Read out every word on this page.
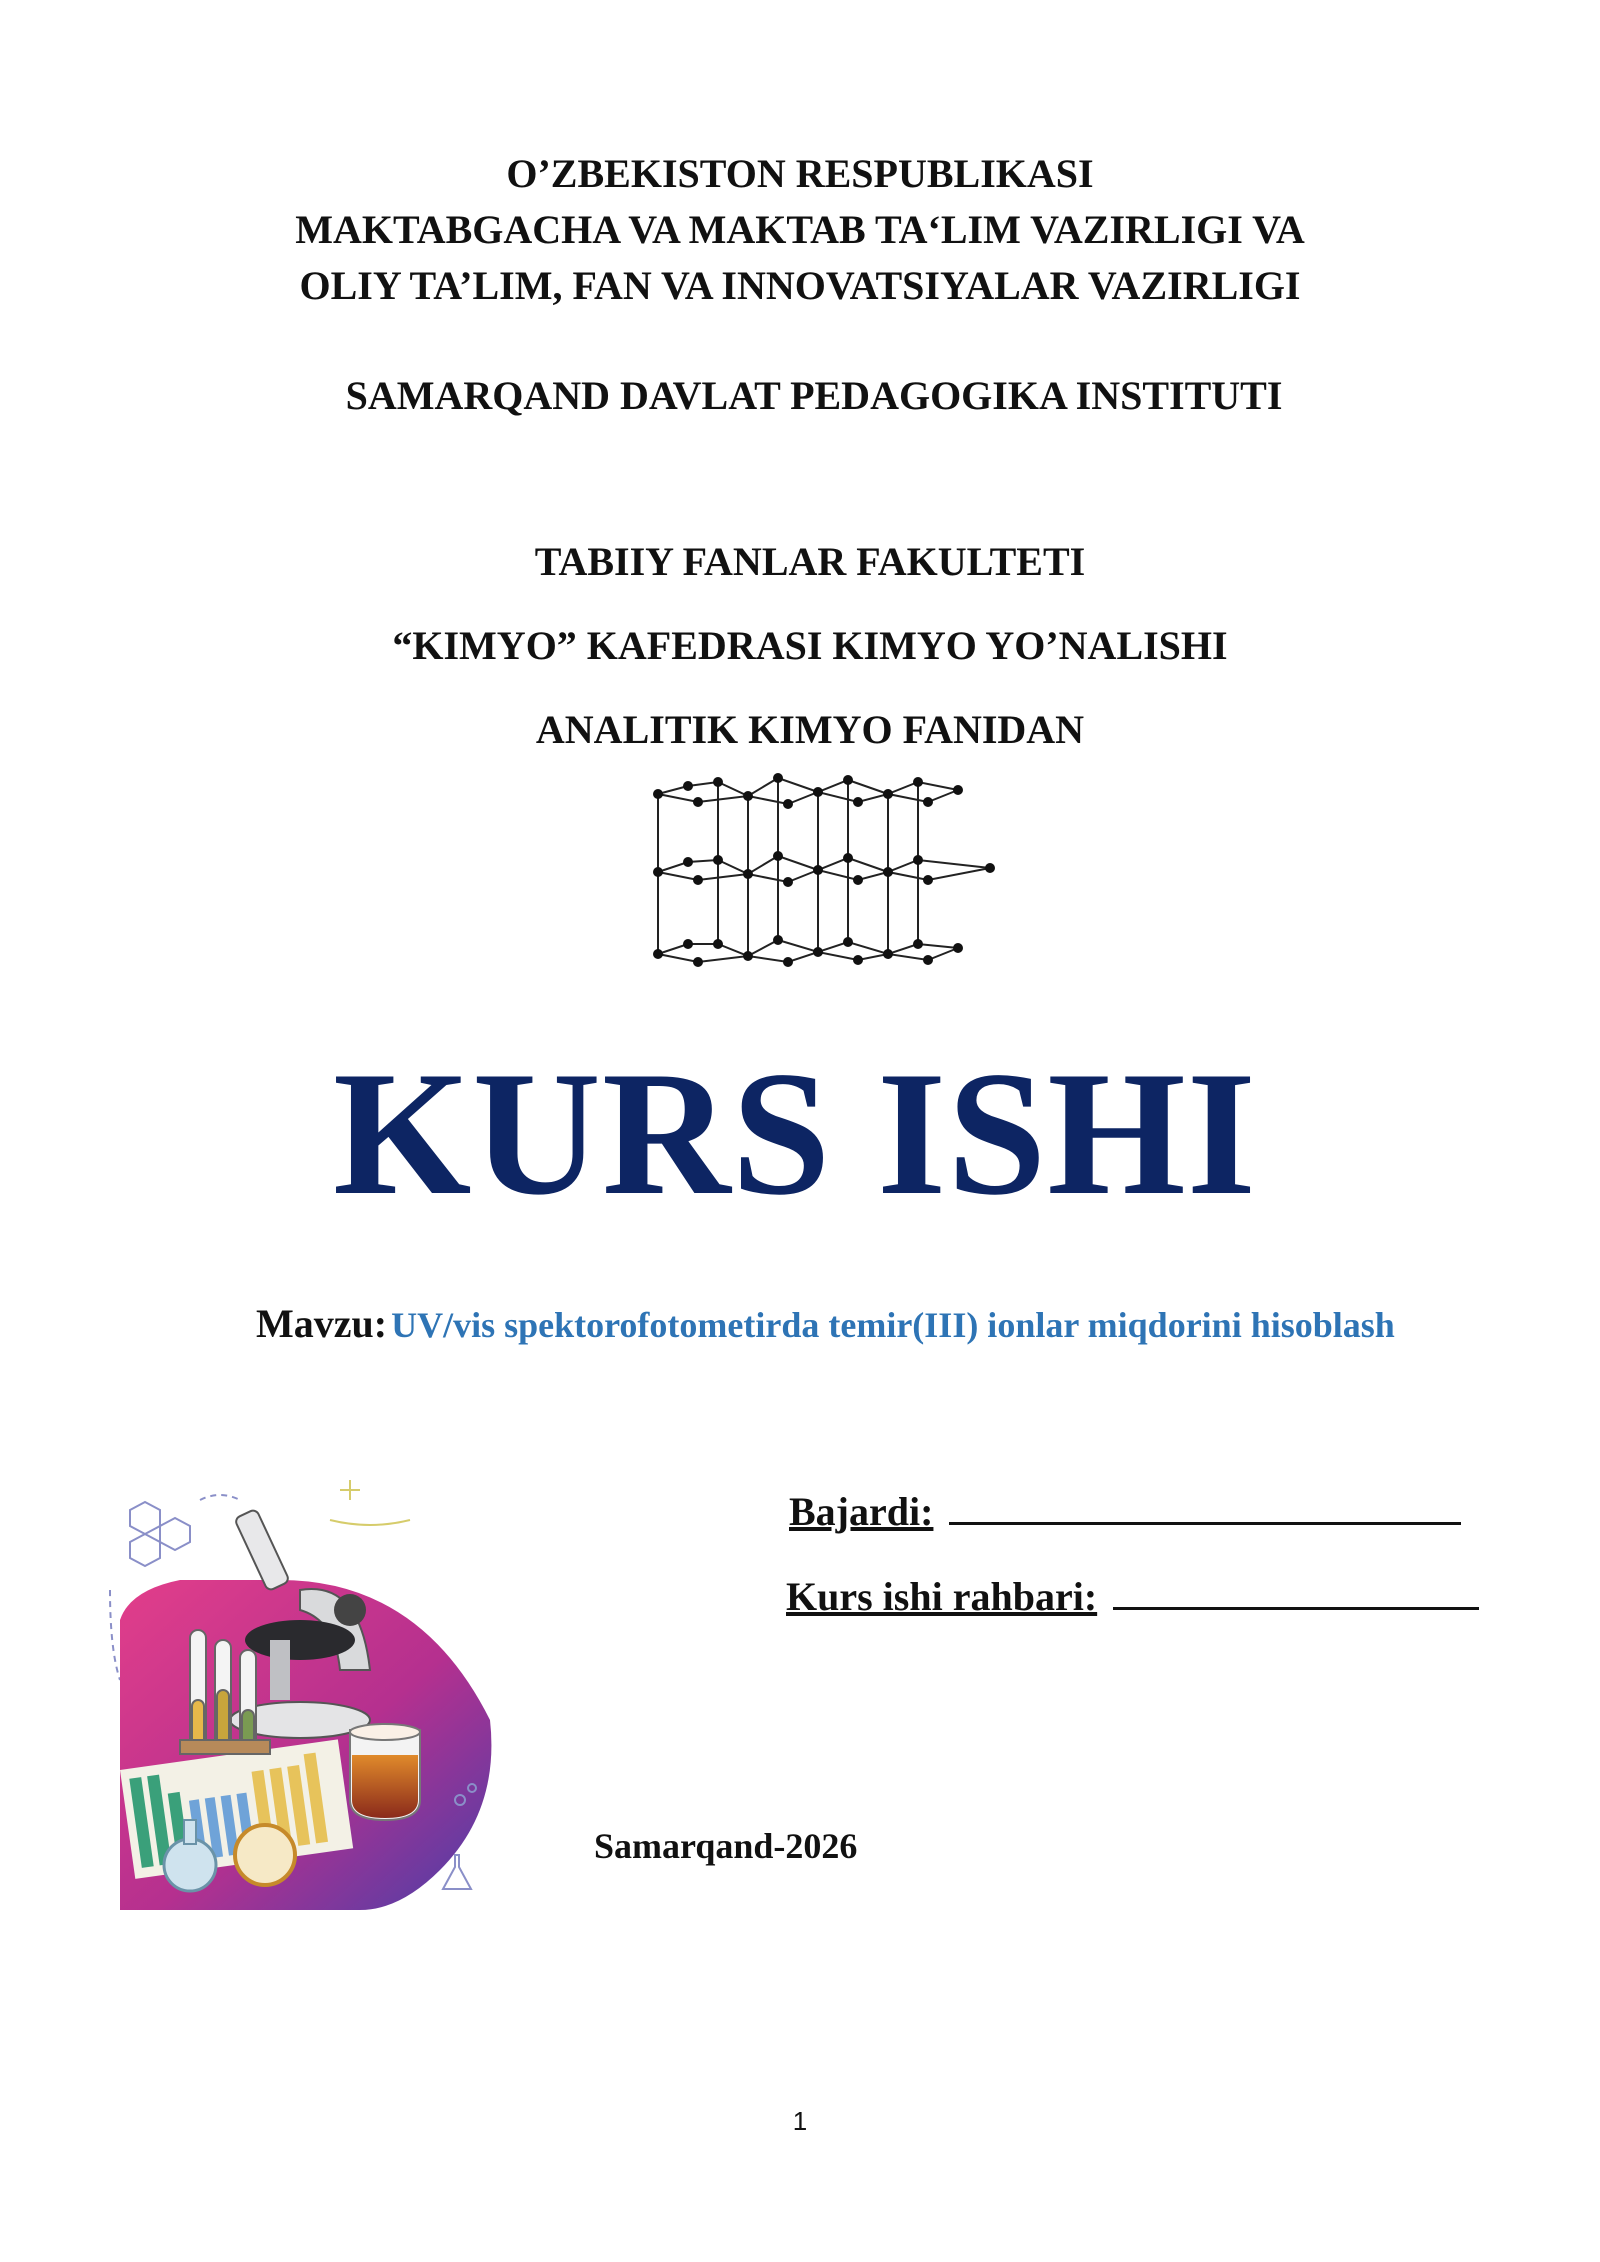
O’ZBEKISTON RESPUBLIKASI
MAKTABGACHA VA MAKTAB TA‘LIM VAZIRLIGI VA
OLIY TA’LIM, FAN VA INNOVATSIYALAR VAZIRLIGI
SAMARQAND DAVLAT PEDAGOGIKA INSTITUTI
TABIIY FANLAR FAKULTETI
“KIMYO” KAFEDRASI KIMYO YO’NALISHI
ANALITIK KIMYO FANIDAN
KURS ISHI
Mavzu: UV/vis spektorofotometirda temir(III) ionlar miqdorini hisoblash
Bajardi:
Kurs ishi rahbari:
Samarqand-2026
1
